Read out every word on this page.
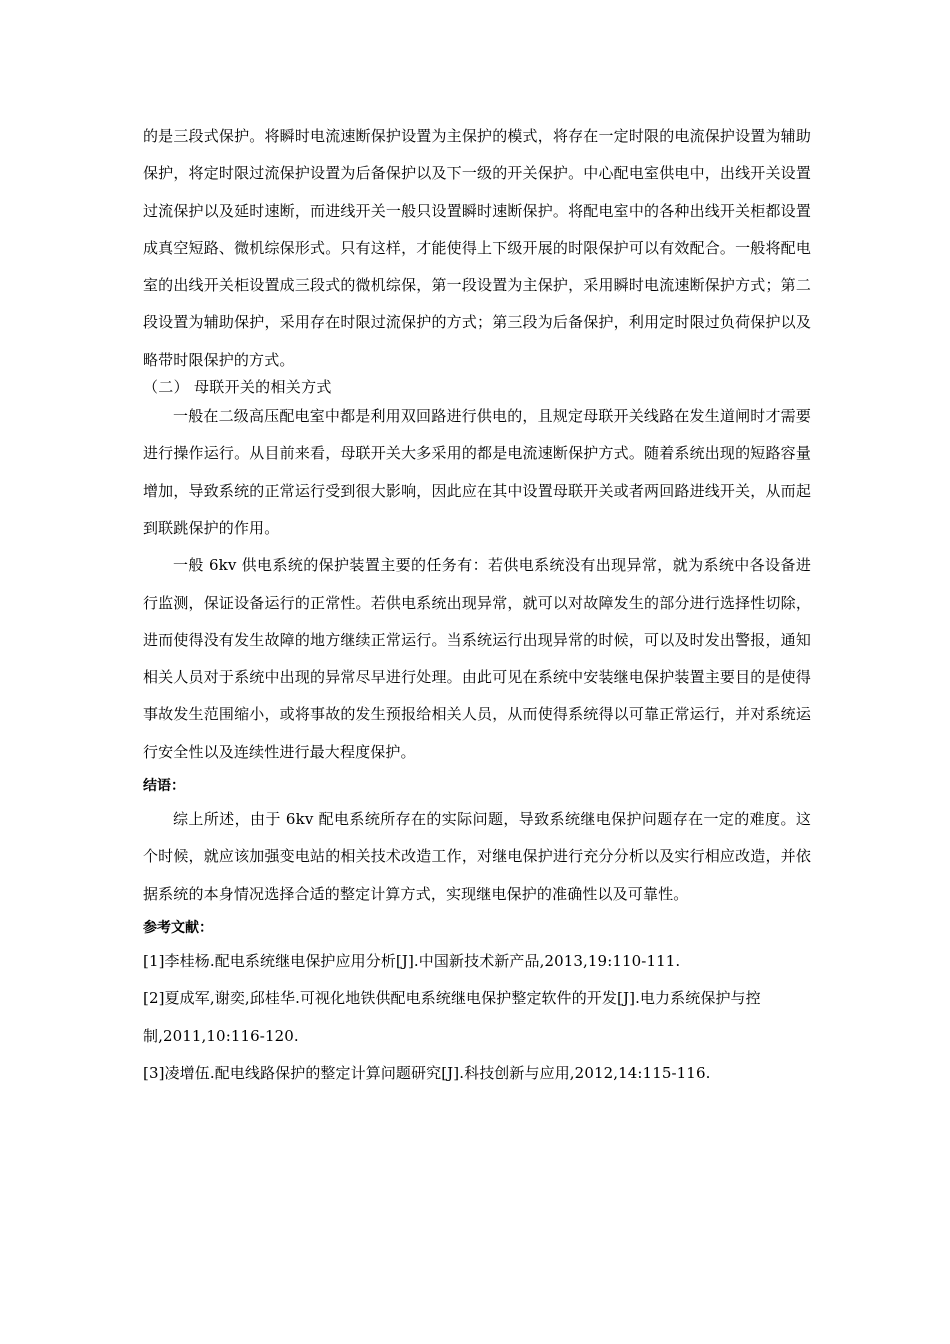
的是三段式保护。将瞬时电流速断保护设置为主保护的模式，将存在一定时限的电流保护设置为辅助保护，将定时限过流保护设置为后备保护以及下一级的开关保护。中心配电室供电中，出线开关设置过流保护以及延时速断，而进线开关一般只设置瞬时速断保护。将配电室中的各种出线开关柜都设置成真空短路、微机综保形式。只有这样，才能使得上下级开展的时限保护可以有效配合。一般将配电室的出线开关柜设置成三段式的微机综保，第一段设置为主保护，采用瞬时电流速断保护方式；第二段设置为辅助保护，采用存在时限过流保护的方式；第三段为后备保护，利用定时限过负荷保护以及略带时限保护的方式。

（二） 母联开关的相关方式

一般在二级高压配电室中都是利用双回路进行供电的，且规定母联开关线路在发生道闸时才需要进行操作运行。从目前来看，母联开关大多采用的都是电流速断保护方式。随着系统出现的短路容量增加，导致系统的正常运行受到很大影响，因此应在其中设置母联开关或者两回路进线开关，从而起到联跳保护的作用。

一般 6kv 供电系统的保护装置主要的任务有：若供电系统没有出现异常，就为系统中各设备进行监测，保证设备运行的正常性。若供电系统出现异常，就可以对故障发生的部分进行选择性切除，进而使得没有发生故障的地方继续正常运行。当系统运行出现异常的时候，可以及时发出警报，通知相关人员对于系统中出现的异常尽早进行处理。由此可见在系统中安装继电保护装置主要目的是使得事故发生范围缩小，或将事故的发生预报给相关人员，从而使得系统得以可靠正常运行，并对系统运行安全性以及连续性进行最大程度保护。

结语：

综上所述，由于 6kv 配电系统所存在的实际问题，导致系统继电保护问题存在一定的难度。这个时候，就应该加强变电站的相关技术改造工作，对继电保护进行充分分析以及实行相应改造，并依据系统的本身情况选择合适的整定计算方式，实现继电保护的准确性以及可靠性。

参考文献：

[1]李桂杨.配电系统继电保护应用分析[J].中国新技术新产品,2013,19:110-111.

[2]夏成军,谢奕,邱桂华.可视化地铁供配电系统继电保护整定软件的开发[J].电力系统保护与控制,2011,10:116-120.

[3]凌增伍.配电线路保护的整定计算问题研究[J].科技创新与应用,2012,14:115-116.
